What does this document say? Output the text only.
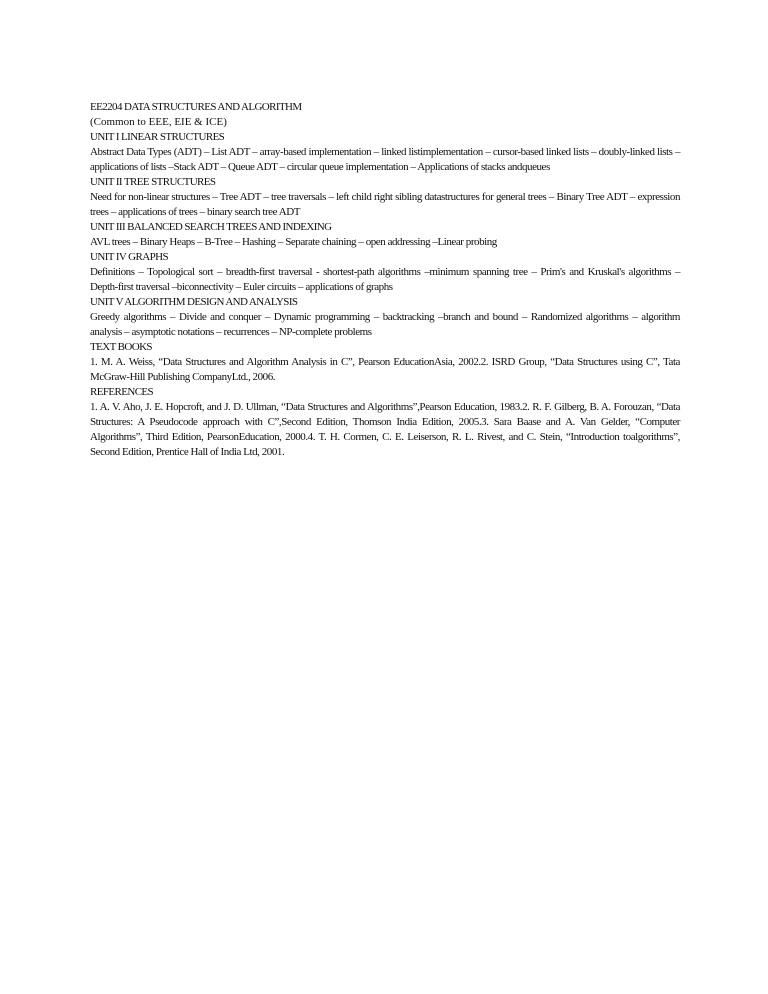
EE2204 DATA STRUCTURES AND ALGORITHM
(Common to EEE, EIE & ICE)
UNIT I LINEAR STRUCTURES
Abstract Data Types (ADT) – List ADT – array-based implementation – linked listimplementation – cursor-based linked lists – doubly-linked lists – applications of lists –Stack ADT – Queue ADT – circular queue implementation – Applications of stacks andqueues
UNIT II TREE STRUCTURES
Need for non-linear structures – Tree ADT – tree traversals – left child right sibling datastructures for general trees – Binary Tree ADT – expression trees – applications of trees – binary search tree ADT
UNIT III BALANCED SEARCH TREES AND INDEXING
AVL trees – Binary Heaps – B-Tree – Hashing – Separate chaining – open addressing –Linear probing
UNIT IV GRAPHS
Definitions – Topological sort – breadth-first traversal - shortest-path algorithms –minimum spanning tree – Prim's and Kruskal's algorithms – Depth-first traversal –biconnectivity – Euler circuits – applications of graphs
UNIT V ALGORITHM DESIGN AND ANALYSIS
Greedy algorithms – Divide and conquer – Dynamic programming – backtracking –branch and bound – Randomized algorithms – algorithm analysis – asymptotic notations – recurrences – NP-complete problems
TEXT BOOKS
1. M. A. Weiss, “Data Structures and Algorithm Analysis in C”, Pearson EducationAsia, 2002.2. ISRD Group, “Data Structures using C”, Tata McGraw-Hill Publishing CompanyLtd., 2006.
REFERENCES
1. A. V. Aho, J. E. Hopcroft, and J. D. Ullman, “Data Structures and Algorithms”,Pearson Education, 1983.2. R. F. Gilberg, B. A. Forouzan, “Data Structures: A Pseudocode approach with C”,Second Edition, Thomson India Edition, 2005.3. Sara Baase and A. Van Gelder, “Computer Algorithms”, Third Edition, PearsonEducation, 2000.4. T. H. Cormen, C. E. Leiserson, R. L. Rivest, and C. Stein, “Introduction toalgorithms”, Second Edition, Prentice Hall of India Ltd, 2001.
